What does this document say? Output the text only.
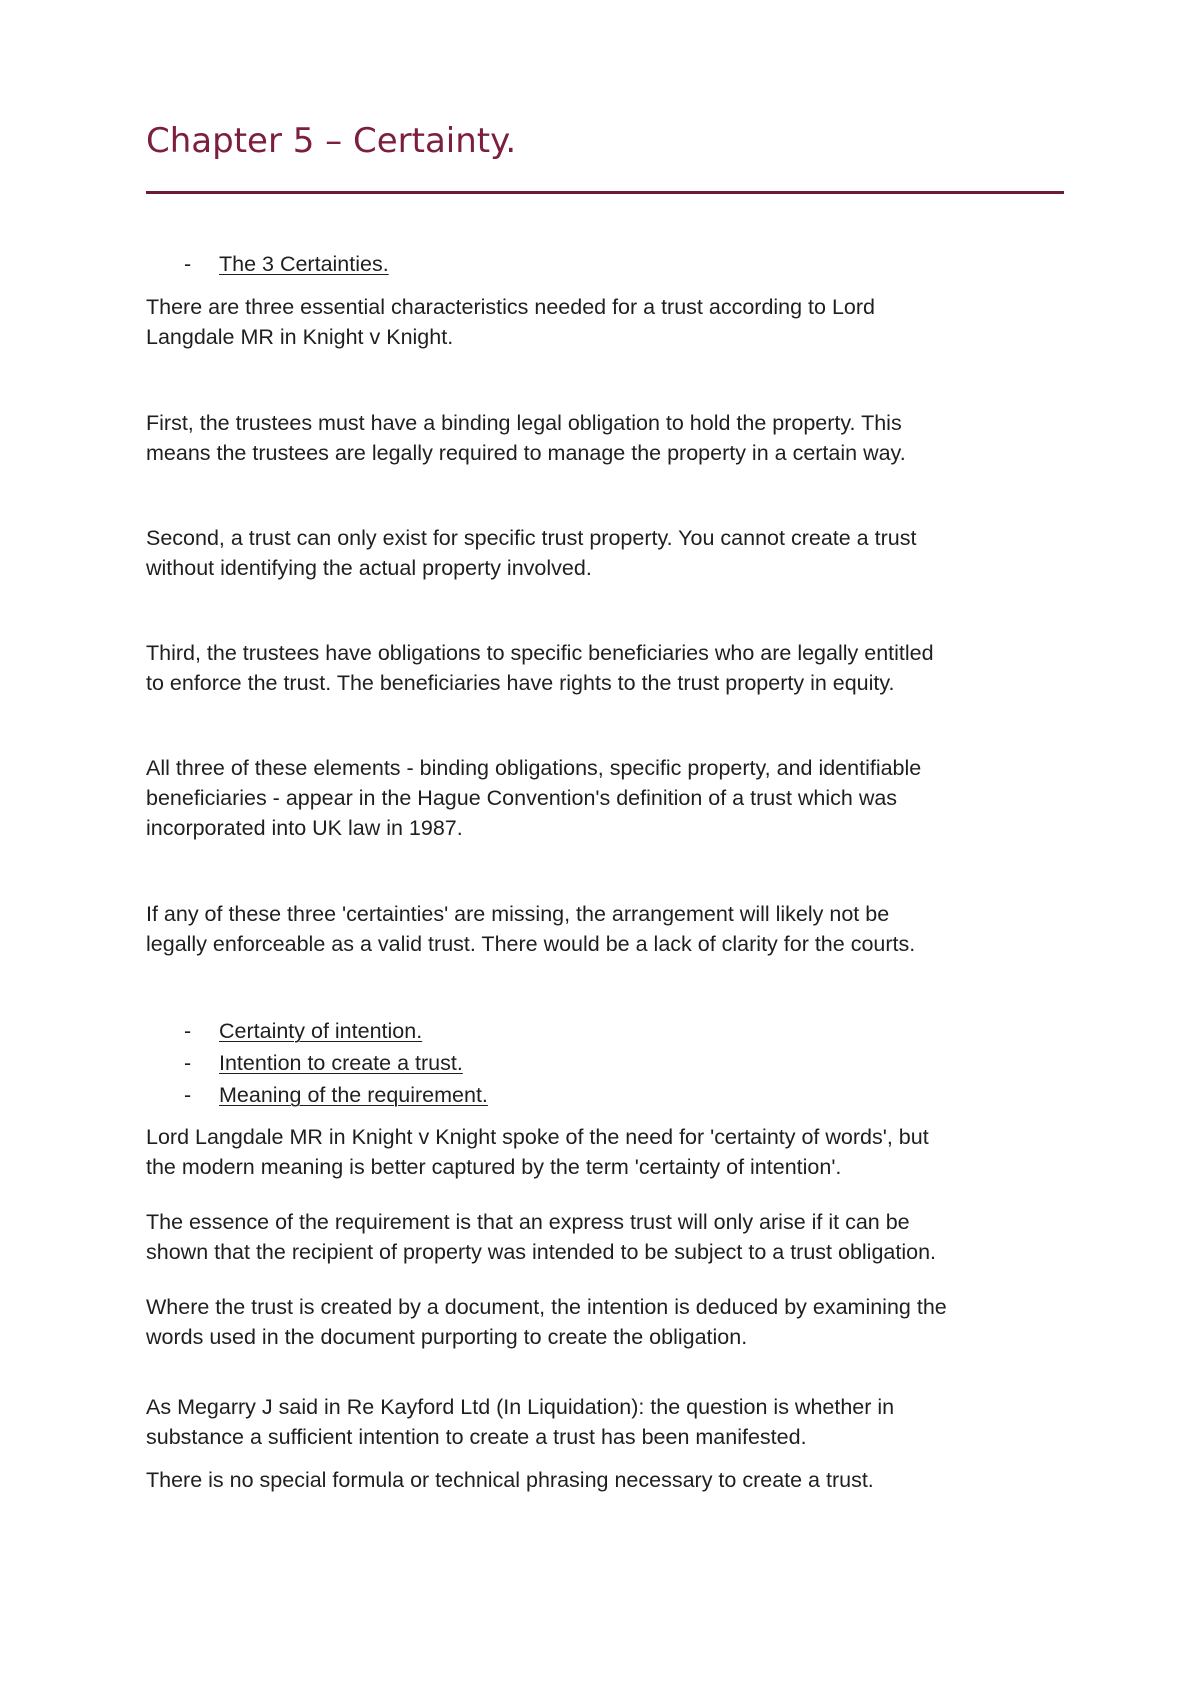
Chapter 5 – Certainty.
- The 3 Certainties.

There are three essential characteristics needed for a trust according to Lord

Langdale MR in Knight v Knight.

First, the trustees must have a binding legal obligation to hold the property. This

means the trustees are legally required to manage the property in a certain way.

Second, a trust can only exist for specific trust property. You cannot create a trust

without identifying the actual property involved.

Third, the trustees have obligations to specific beneficiaries who are legally entitled

to enforce the trust. The beneficiaries have rights to the trust property in equity.

All three of these elements - binding obligations, specific property, and identifiable

beneficiaries - appear in the Hague Convention's definition of a trust which was

incorporated into UK law in 1987.

If any of these three 'certainties' are missing, the arrangement will likely not be

legally enforceable as a valid trust. There would be a lack of clarity for the courts.

- Certainty of intention.
- Intention to create a trust.
- Meaning of the requirement.

Lord Langdale MR in Knight v Knight spoke of the need for 'certainty of words', but

the modern meaning is better captured by the term 'certainty of intention'.

The essence of the requirement is that an express trust will only arise if it can be

shown that the recipient of property was intended to be subject to a trust obligation.

Where the trust is created by a document, the intention is deduced by examining the

words used in the document purporting to create the obligation.

As Megarry J said in Re Kayford Ltd (In Liquidation): the question is whether in

substance a sufficient intention to create a trust has been manifested.

There is no special formula or technical phrasing necessary to create a trust.
